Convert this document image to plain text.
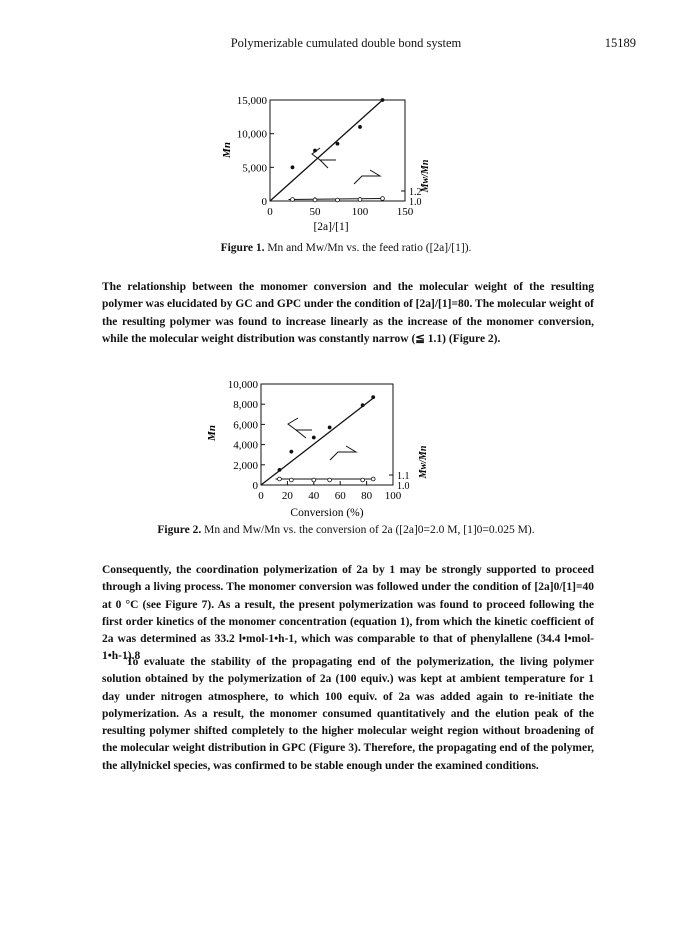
Polymerizable cumulated double bond system	15189
0
5,000
10,000
15,000
1.2
1.0
0	50	100	150
Mn
Mw/Mn
[2a]/[1]
Figure 1. Mn and Mw/Mn vs. the feed ratio ([2a]/[1]).
The relationship between the monomer conversion and the molecular weight of the resulting polymer was elucidated by GC and GPC under the condition of [2a]/[1]=80. The molecular weight of the resulting polymer was found to increase linearly as the increase of the monomer conversion, while the molecular weight distribution was constantly narrow (≦ 1.1) (Figure 2).
0
2,000
4,000
6,000
8,000
10,000
1.1
1.0
0 20 40 60 80 100
Mn
Mw/Mn
Conversion (%)
Figure 2. Mn and Mw/Mn vs. the conversion of 2a ([2a]0=2.0 M, [1]0=0.025 M).
Consequently, the coordination polymerization of 2a by 1 may be strongly supported to proceed through a living process. The monomer conversion was followed under the condition of [2a]0/[1]=40 at 0 °C (see Figure 7). As a result, the present polymerization was found to proceed following the first order kinetics of the monomer concentration (equation 1), from which the kinetic coefficient of 2a was determined as 33.2 l•mol-1•h-1, which was comparable to that of phenylallene (34.4 l•mol-1•h-1).8
To evaluate the stability of the propagating end of the polymerization, the living polymer solution obtained by the polymerization of 2a (100 equiv.) was kept at ambient temperature for 1 day under nitrogen atmosphere, to which 100 equiv. of 2a was added again to re-initiate the polymerization. As a result, the monomer consumed quantitatively and the elution peak of the resulting polymer shifted completely to the higher molecular weight region without broadening of the molecular weight distribution in GPC (Figure 3). Therefore, the propagating end of the polymer, the allylnickel species, was confirmed to be stable enough under the examined conditions.
